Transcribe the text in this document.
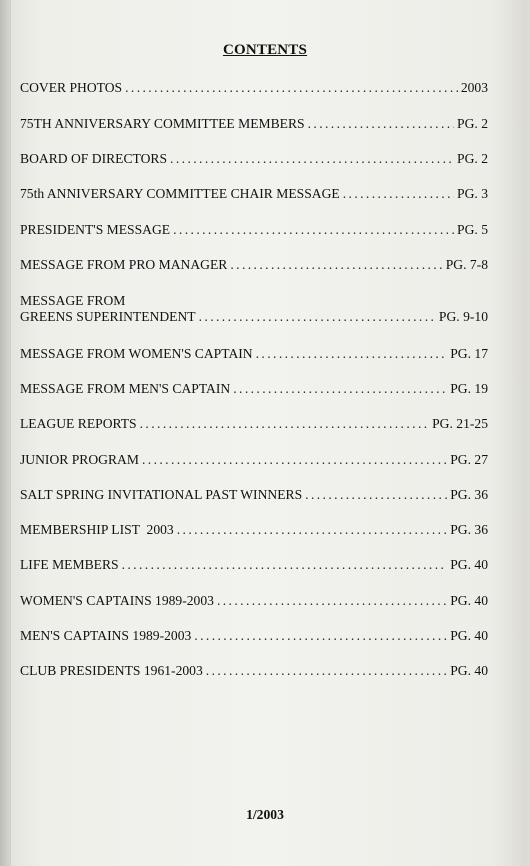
CONTENTS
COVER PHOTOS .....	2003
75TH ANNIVERSARY COMMITTEE MEMBERS .....	PG. 2
BOARD OF DIRECTORS .....	PG. 2
75th ANNIVERSARY COMMITTEE CHAIR MESSAGE .....	PG. 3
PRESIDENT'S MESSAGE .....	PG. 5
MESSAGE FROM PRO MANAGER .....	PG. 7-8
MESSAGE FROM
GREENS SUPERINTENDENT .....	PG. 9-10
MESSAGE FROM WOMEN'S CAPTAIN .....	PG. 17
MESSAGE FROM MEN'S CAPTAIN .....	PG. 19
LEAGUE REPORTS .....	PG. 21-25
JUNIOR PROGRAM .....	PG. 27
SALT SPRING INVITATIONAL PAST WINNERS .....	PG. 36
MEMBERSHIP LIST  2003 .....	PG. 36
LIFE MEMBERS .....	PG. 40
WOMEN'S CAPTAINS 1989-2003 .....	PG. 40
MEN'S CAPTAINS 1989-2003 .....	PG. 40
CLUB PRESIDENTS 1961-2003 .....	PG. 40
1/2003
